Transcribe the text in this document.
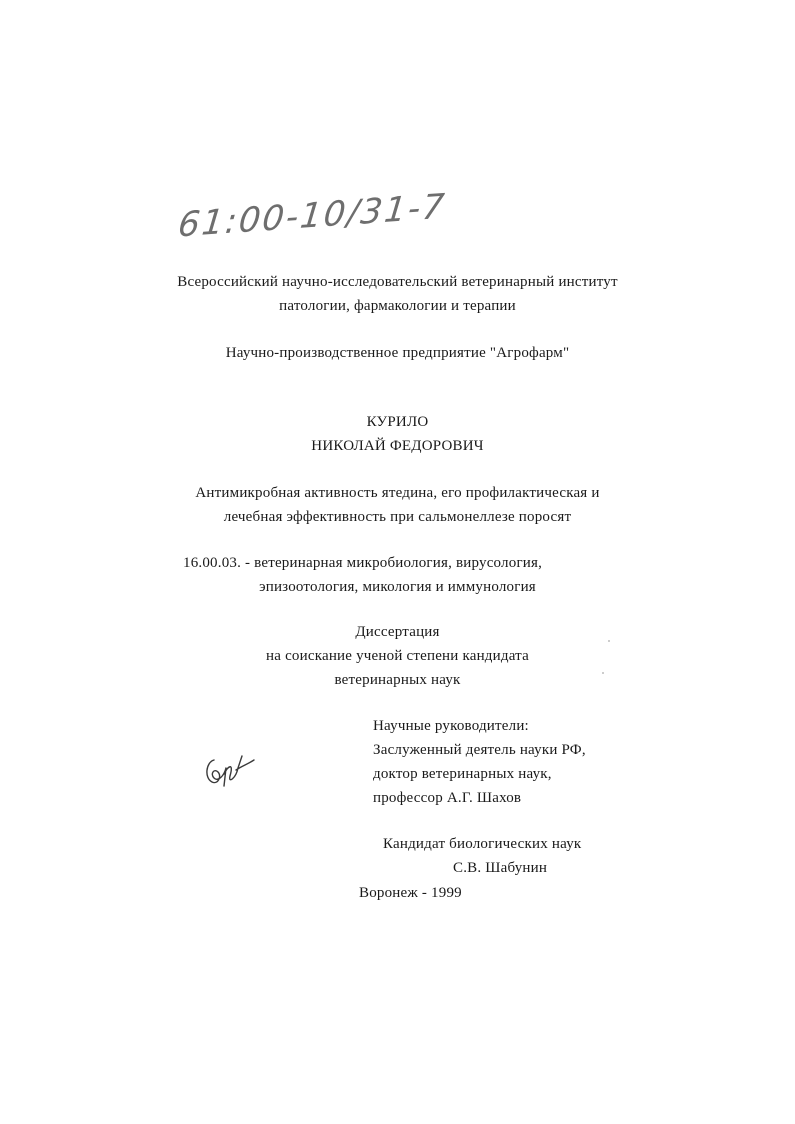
61:00-10/31-7
Всероссийский научно-исследовательский ветеринарный институт
патологии, фармакологии и терапии
Научно-производственное предприятие "Агрофарм"
КУРИЛО
НИКОЛАЙ ФЕДОРОВИЧ
Антимикробная активность ятедина, его профилактическая и
лечебная эффективность при сальмонеллезе поросят
16.00.03. - ветеринарная микробиология, вирусология,
эпизоотология, микология и иммунология
Диссертация
на соискание ученой степени кандидата
ветеринарных наук
Научные руководители:
Заслуженный деятель науки РФ,
доктор ветеринарных наук,
профессор А.Г. Шахов
Кандидат биологических наук
С.В. Шабунин
Воронеж - 1999
